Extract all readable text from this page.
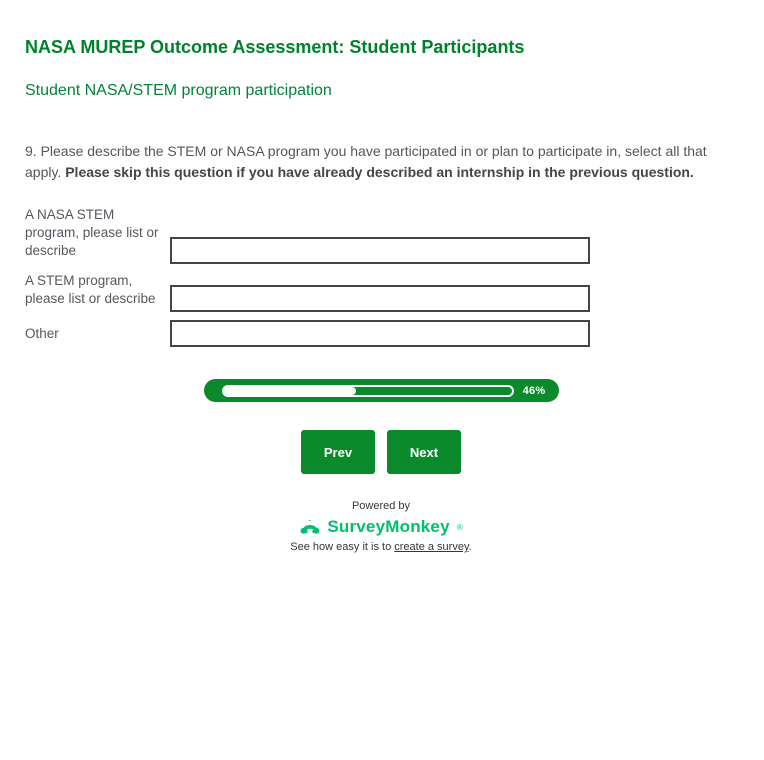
NASA MUREP Outcome Assessment: Student Participants
Student NASA/STEM program participation

9. Please describe the STEM or NASA program you have participated in or plan to participate in, select all that apply. Please skip this question if you have already described an internship in the previous question.

A NASA STEM program, please list or describe
A STEM program, please list or describe
Other
46%
Prev	Next
Powered by
SurveyMonkey ®
See how easy it is to create a survey.
